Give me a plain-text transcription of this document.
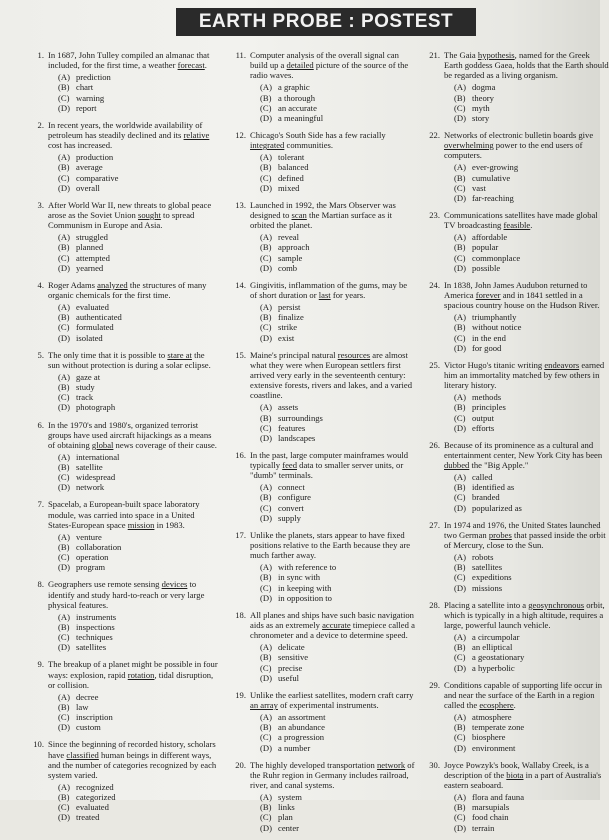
EARTH PROBE : POSTEST
1. In 1687, John Tulley compiled an almanac that included, for the first time, a weather forecast.
(A) prediction
(B) chart
(C) warning
(D) report
2. In recent years, the worldwide availability of petroleum has steadily declined and its relative cost has increased.
(A) production
(B) average
(C) comparative
(D) overall
3. After World War II, new threats to global peace arose as the Soviet Union sought to spread Communism in Europe and Asia.
(A) struggled
(B) planned
(C) attempted
(D) yearned
4. Roger Adams analyzed the structures of many organic chemicals for the first time.
(A) evaluated
(B) authenticated
(C) formulated
(D) isolated
5. The only time that it is possible to stare at the sun without protection is during a solar eclipse.
(A) gaze at
(B) study
(C) track
(D) photograph
6. In the 1970's and 1980's, organized terrorist groups have used aircraft hijackings as a means of obtaining global news coverage of their cause.
(A) international
(B) satellite
(C) widespread
(D) network
7. Spacelab, a European-built space laboratory module, was carried into space in a United States-European space mission in 1983.
(A) venture
(B) collaboration
(C) operation
(D) program
8. Geographers use remote sensing devices to identify and study hard-to-reach or very large physical features.
(A) instruments
(B) inspections
(C) techniques
(D) satellites
9. The breakup of a planet might be possible in four ways: explosion, rapid rotation, tidal disruption, or collision.
(A) decree
(B) law
(C) inscription
(D) custom
10. Since the beginning of recorded history, scholars have classified human beings in different ways, and the number of categories recognized by each system varied.
(A) recognized
(B) categorized
(C) evaluated
(D) treated
11. Computer analysis of the overall signal can build up a detailed picture of the source of the radio waves.
(A) a graphic
(B) a thorough
(C) an accurate
(D) a meaningful
12. Chicago's South Side has a few racially integrated communities.
(A) tolerant
(B) balanced
(C) defined
(D) mixed
13. Launched in 1992, the Mars Observer was designed to scan the Martian surface as it orbited the planet.
(A) reveal
(B) approach
(C) sample
(D) comb
14. Gingivitis, inflammation of the gums, may be of short duration or last for years.
(A) persist
(B) finalize
(C) strike
(D) exist
15. Maine's principal natural resources are almost what they were when European settlers first arrived very early in the seventeenth century: extensive forests, rivers and lakes, and a varied coastline.
(A) assets
(B) surroundings
(C) features
(D) landscapes
16. In the past, large computer mainframes would typically feed data to smaller server units, or "dumb" terminals.
(A) connect
(B) configure
(C) convert
(D) supply
17. Unlike the planets, stars appear to have fixed positions relative to the Earth because they are much farther away.
(A) with reference to
(B) in sync with
(C) in keeping with
(D) in opposition to
18. All planes and ships have such basic navigation aids as an extremely accurate timepiece called a chronometer and a device to determine speed.
(A) delicate
(B) sensitive
(C) precise
(D) useful
19. Unlike the earliest satellites, modern craft carry an array of experimental instruments.
(A) an assortment
(B) an abundance
(C) a progression
(D) a number
20. The highly developed transportation network of the Ruhr region in Germany includes railroad, river, and canal systems.
(A) system
(B) links
(C) plan
(D) center
21. The Gaia hypothesis, named for the Greek Earth goddess Gaea, holds that the Earth should be regarded as a living organism.
(A) dogma
(B) theory
(C) myth
(D) story
22. Networks of electronic bulletin boards give overwhelming power to the end users of computers.
(A) ever-growing
(B) cumulative
(C) vast
(D) far-reaching
23. Communications satellites have made global TV broadcasting feasible.
(A) affordable
(B) popular
(C) commonplace
(D) possible
24. In 1838, John James Audubon returned to America forever and in 1841 settled in a spacious country house on the Hudson River.
(A) triumphantly
(B) without notice
(C) in the end
(D) for good
25. Victor Hugo's titanic writing endeavors earned him an immortality matched by few others in literary history.
(A) methods
(B) principles
(C) output
(D) efforts
26. Because of its prominence as a cultural and entertainment center, New York City has been dubbed the "Big Apple."
(A) called
(B) identified as
(C) branded
(D) popularized as
27. In 1974 and 1976, the United States launched two German probes that passed inside the orbit of Mercury, close to the Sun.
(A) robots
(B) satellites
(C) expeditions
(D) missions
28. Placing a satellite into a geosynchronous orbit, which is typically in a high altitude, requires a large, powerful launch vehicle.
(A) a circumpolar
(B) an elliptical
(C) a geostationary
(D) a hyperbolic
29. Conditions capable of supporting life occur in and near the surface of the Earth in a region called the ecosphere.
(A) atmosphere
(B) temperate zone
(C) biosphere
(D) environment
30. Joyce Powzyk's book, Wallaby Creek, is a description of the biota in a part of Australia's eastern seaboard.
(A) flora and fauna
(B) marsupials
(C) food chain
(D) terrain
